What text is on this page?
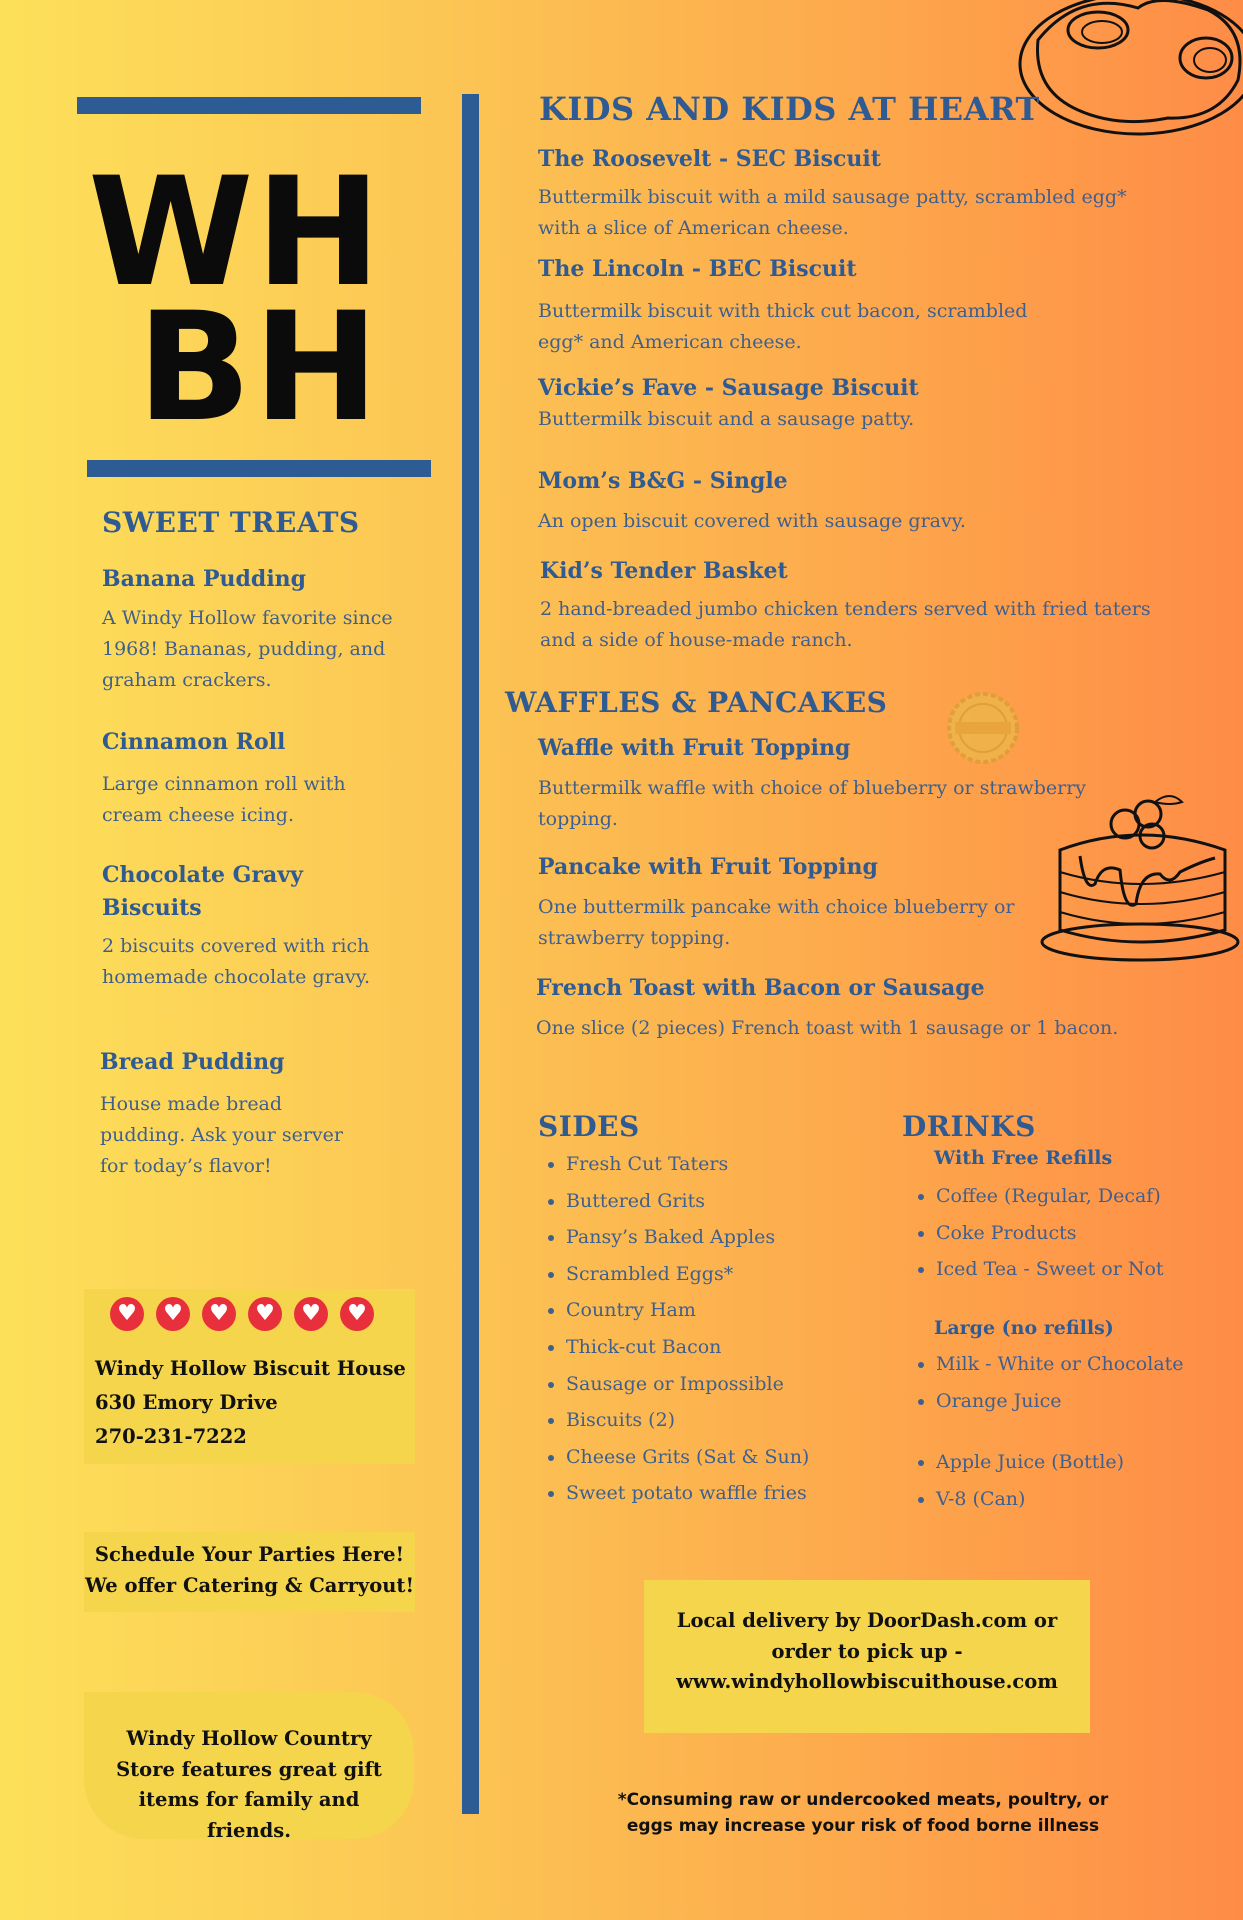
WH
BH
SWEET TREATS

Banana Pudding

A Windy Hollow favorite since 1968! Bananas, pudding, and graham crackers.

Cinnamon Roll

Large cinnamon roll with cream cheese icing.

Chocolate Gravy Biscuits

2 biscuits covered with rich homemade chocolate gravy.

Bread Pudding

House made bread pudding. Ask your server for today’s flavor!

♥	♥	♥	♥	♥	♥
Windy Hollow Biscuit House
630 Emory Drive
270-231-7222
Schedule Your Parties Here!
We offer Catering & Carryout!
Windy Hollow Country Store features great gift items for family and friends.
KIDS AND KIDS AT HEART

The Roosevelt - SEC Biscuit

Buttermilk biscuit with a mild sausage patty, scrambled egg* with a slice of American cheese.

The Lincoln - BEC Biscuit

Buttermilk biscuit with thick cut bacon, scrambled egg* and American cheese.

Vickie’s Fave - Sausage Biscuit

Buttermilk biscuit and a sausage patty.

Mom’s B&G - Single

An open biscuit covered with sausage gravy.

Kid’s Tender Basket

2 hand-breaded jumbo chicken tenders served with fried taters and a side of house-made ranch.

WAFFLES & PANCAKES

Waffle with Fruit Topping

Buttermilk waffle with choice of blueberry or strawberry topping.

Pancake with Fruit Topping

One buttermilk pancake with choice blueberry or strawberry topping.

French Toast with Bacon or Sausage

One slice (2 pieces) French toast with 1 sausage or 1 bacon.

SIDES
• Fresh Cut Taters
• Buttered Grits
• Pansy’s Baked Apples
• Scrambled Eggs*
• Country Ham
• Thick-cut Bacon
• Sausage or Impossible
• Biscuits (2)
• Cheese Grits (Sat & Sun)
• Sweet potato waffle fries
DRINKS

With Free Refills

• Coffee (Regular, Decaf)
• Coke Products
• Iced Tea - Sweet or Not

Large (no refills)

• Milk - White or Chocolate
• Orange Juice
• Apple Juice (Bottle)
• V-8 (Can)
Local delivery by DoorDash.com or order to pick up - www.windyhollowbiscuithouse.com
*Consuming raw or undercooked meats, poultry, or eggs may increase your risk of food borne illness
